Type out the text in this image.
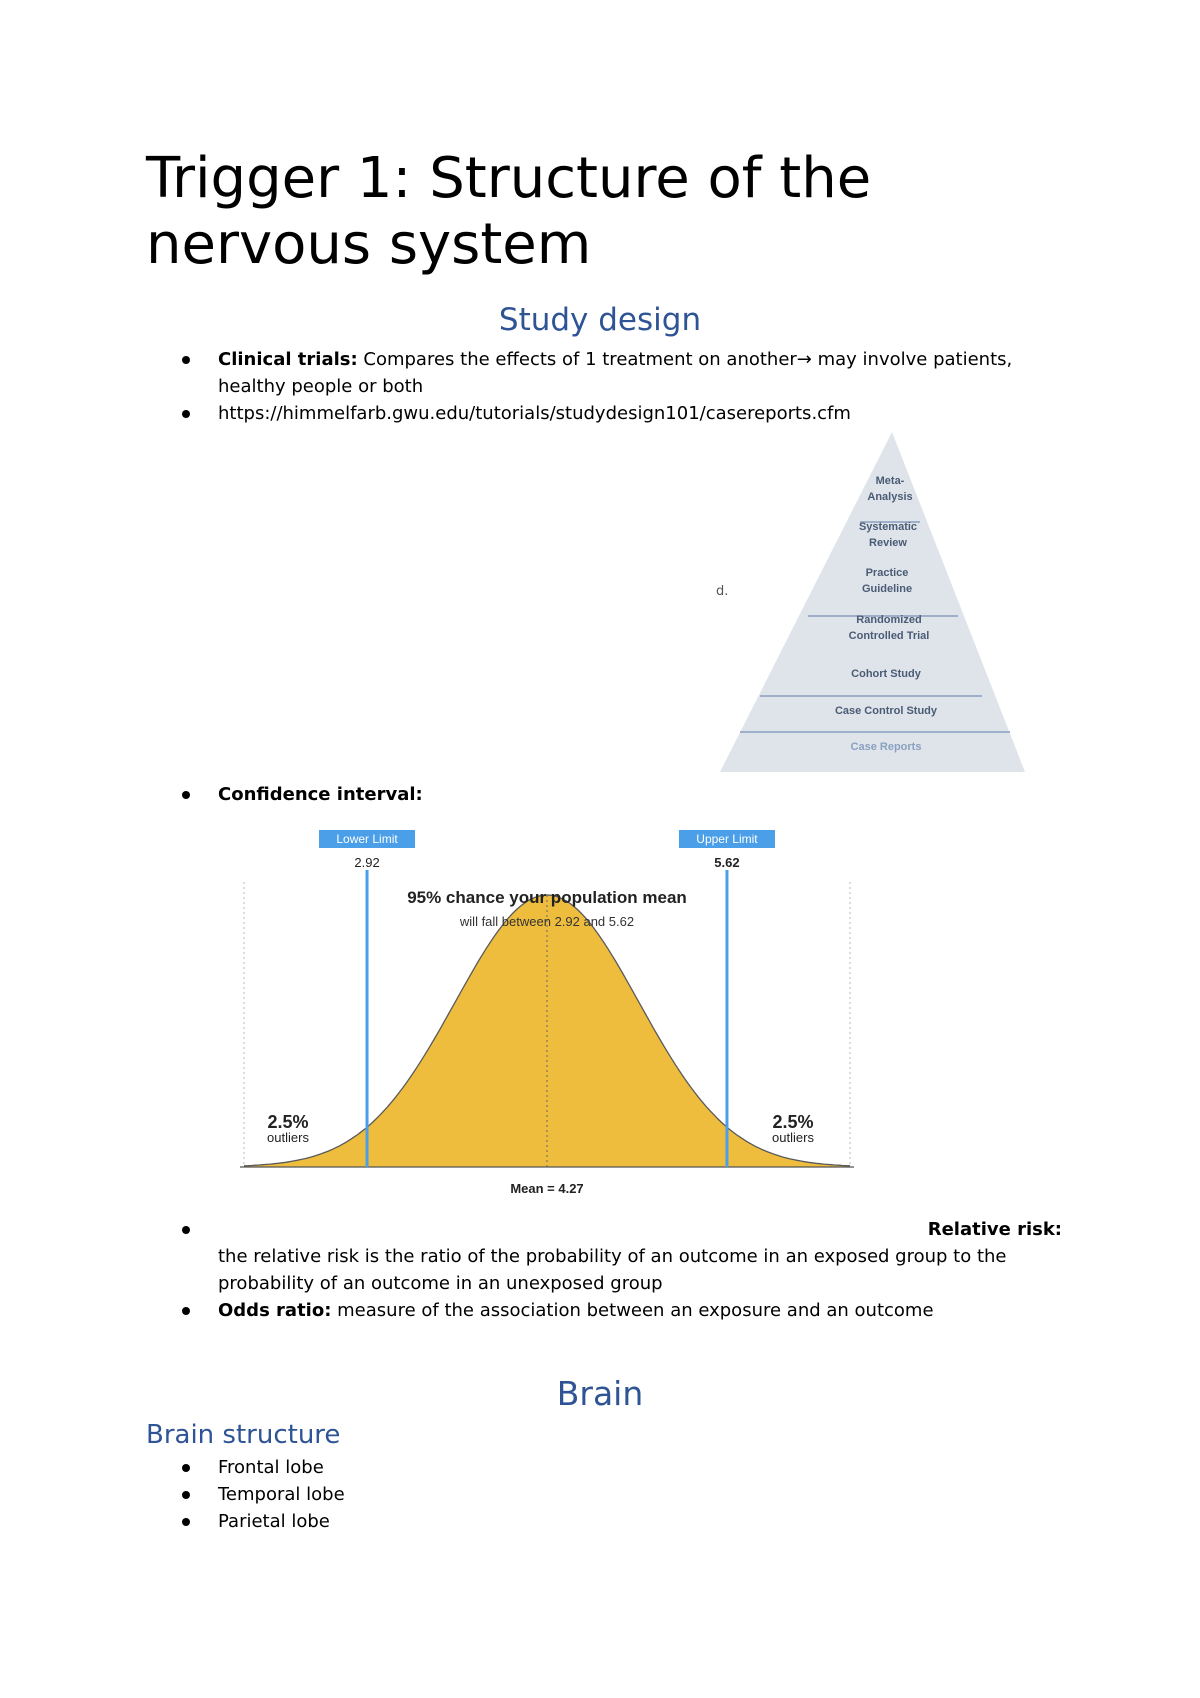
Trigger 1: Structure of the nervous system
Study design
Clinical trials: Compares the effects of 1 treatment on another→ may involve patients, healthy people or both
https://himmelfarb.gwu.edu/tutorials/studydesign101/casereports.cfm
d.
Meta-Analysis
Systematic Review
Practice Guideline
Randomized Controlled Trial
Cohort Study
Case Control Study
Case Reports
Confidence interval:
Lower Limit
2.92
Upper Limit
5.62
95% chance your population mean
will fall between 2.92 and 5.62
2.5%
outliers
2.5%
outliers
Mean = 4.27
Relative risk:

the relative risk is the ratio of the probability of an outcome in an exposed group to the probability of an outcome in an unexposed group
Odds ratio: measure of the association between an exposure and an outcome
Brain
Brain structure
Frontal lobe
Temporal lobe
Parietal lobe
